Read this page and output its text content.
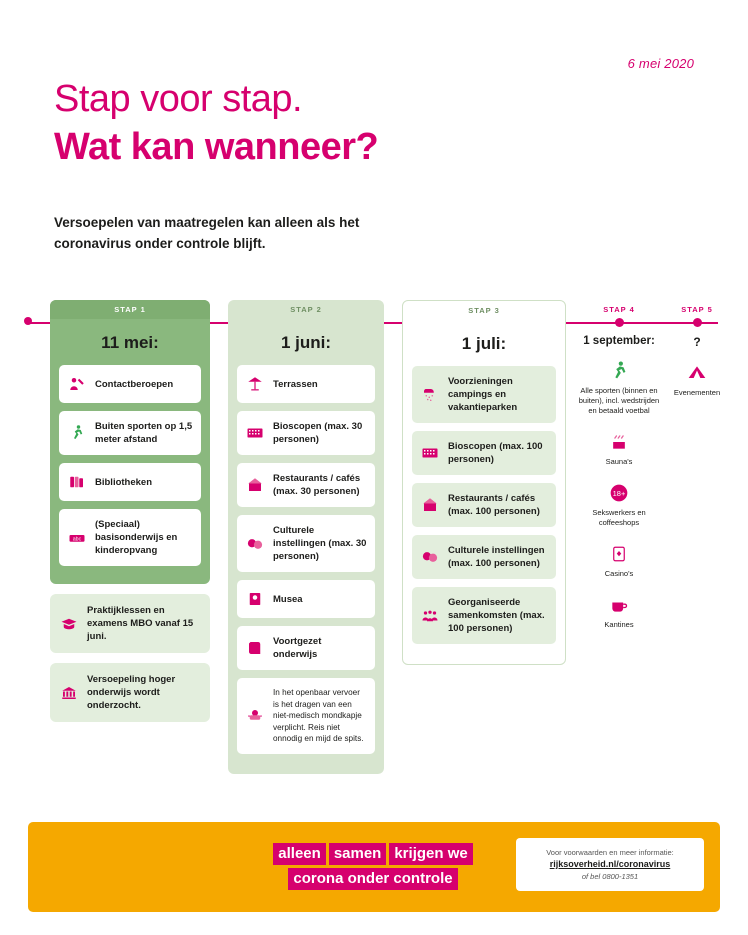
6 mei 2020
Stap voor stap.
Wat kan wanneer?
Versoepelen van maatregelen kan alleen als het coronavirus onder controle blijft.
STAP 1
11 mei:
Contactberoepen
Buiten sporten op 1,5 meter afstand
Bibliotheken
abc
(Speciaal) basisonderwijs en kinderopvang
Praktijklessen en examens MBO vanaf 15 juni.
Versoepeling hoger onderwijs wordt onderzocht.
STAP 2
1 juni:
Terrassen
Bioscopen (max. 30 personen)
Restaurants / cafés (max. 30 personen)
Culturele instellingen (max. 30 personen)
Musea
Voortgezet onderwijs
In het openbaar vervoer is het dragen van een niet-medisch mondkapje verplicht. Reis niet onnodig en mijd de spits.
STAP 3
1 juli:
Voorzieningen campings en vakantieparken
Bioscopen (max. 100 personen)
Restaurants / cafés (max. 100 personen)
Culturele instellingen (max. 100 personen)
Georganiseerde samenkomsten (max. 100 personen)
STAP 4
1 september:
Alle sporten (binnen en buiten), incl. wedstrijden en betaald voetbal
Sauna's
18+
Sekswerkers en coffeeshops
Casino's
Kantines
STAP 5
?
Evenementen
alleen samen krijgen we
corona onder controle
Voor voorwaarden en meer informatie:
rijksoverheid.nl/coronavirus
of bel 0800-1351
